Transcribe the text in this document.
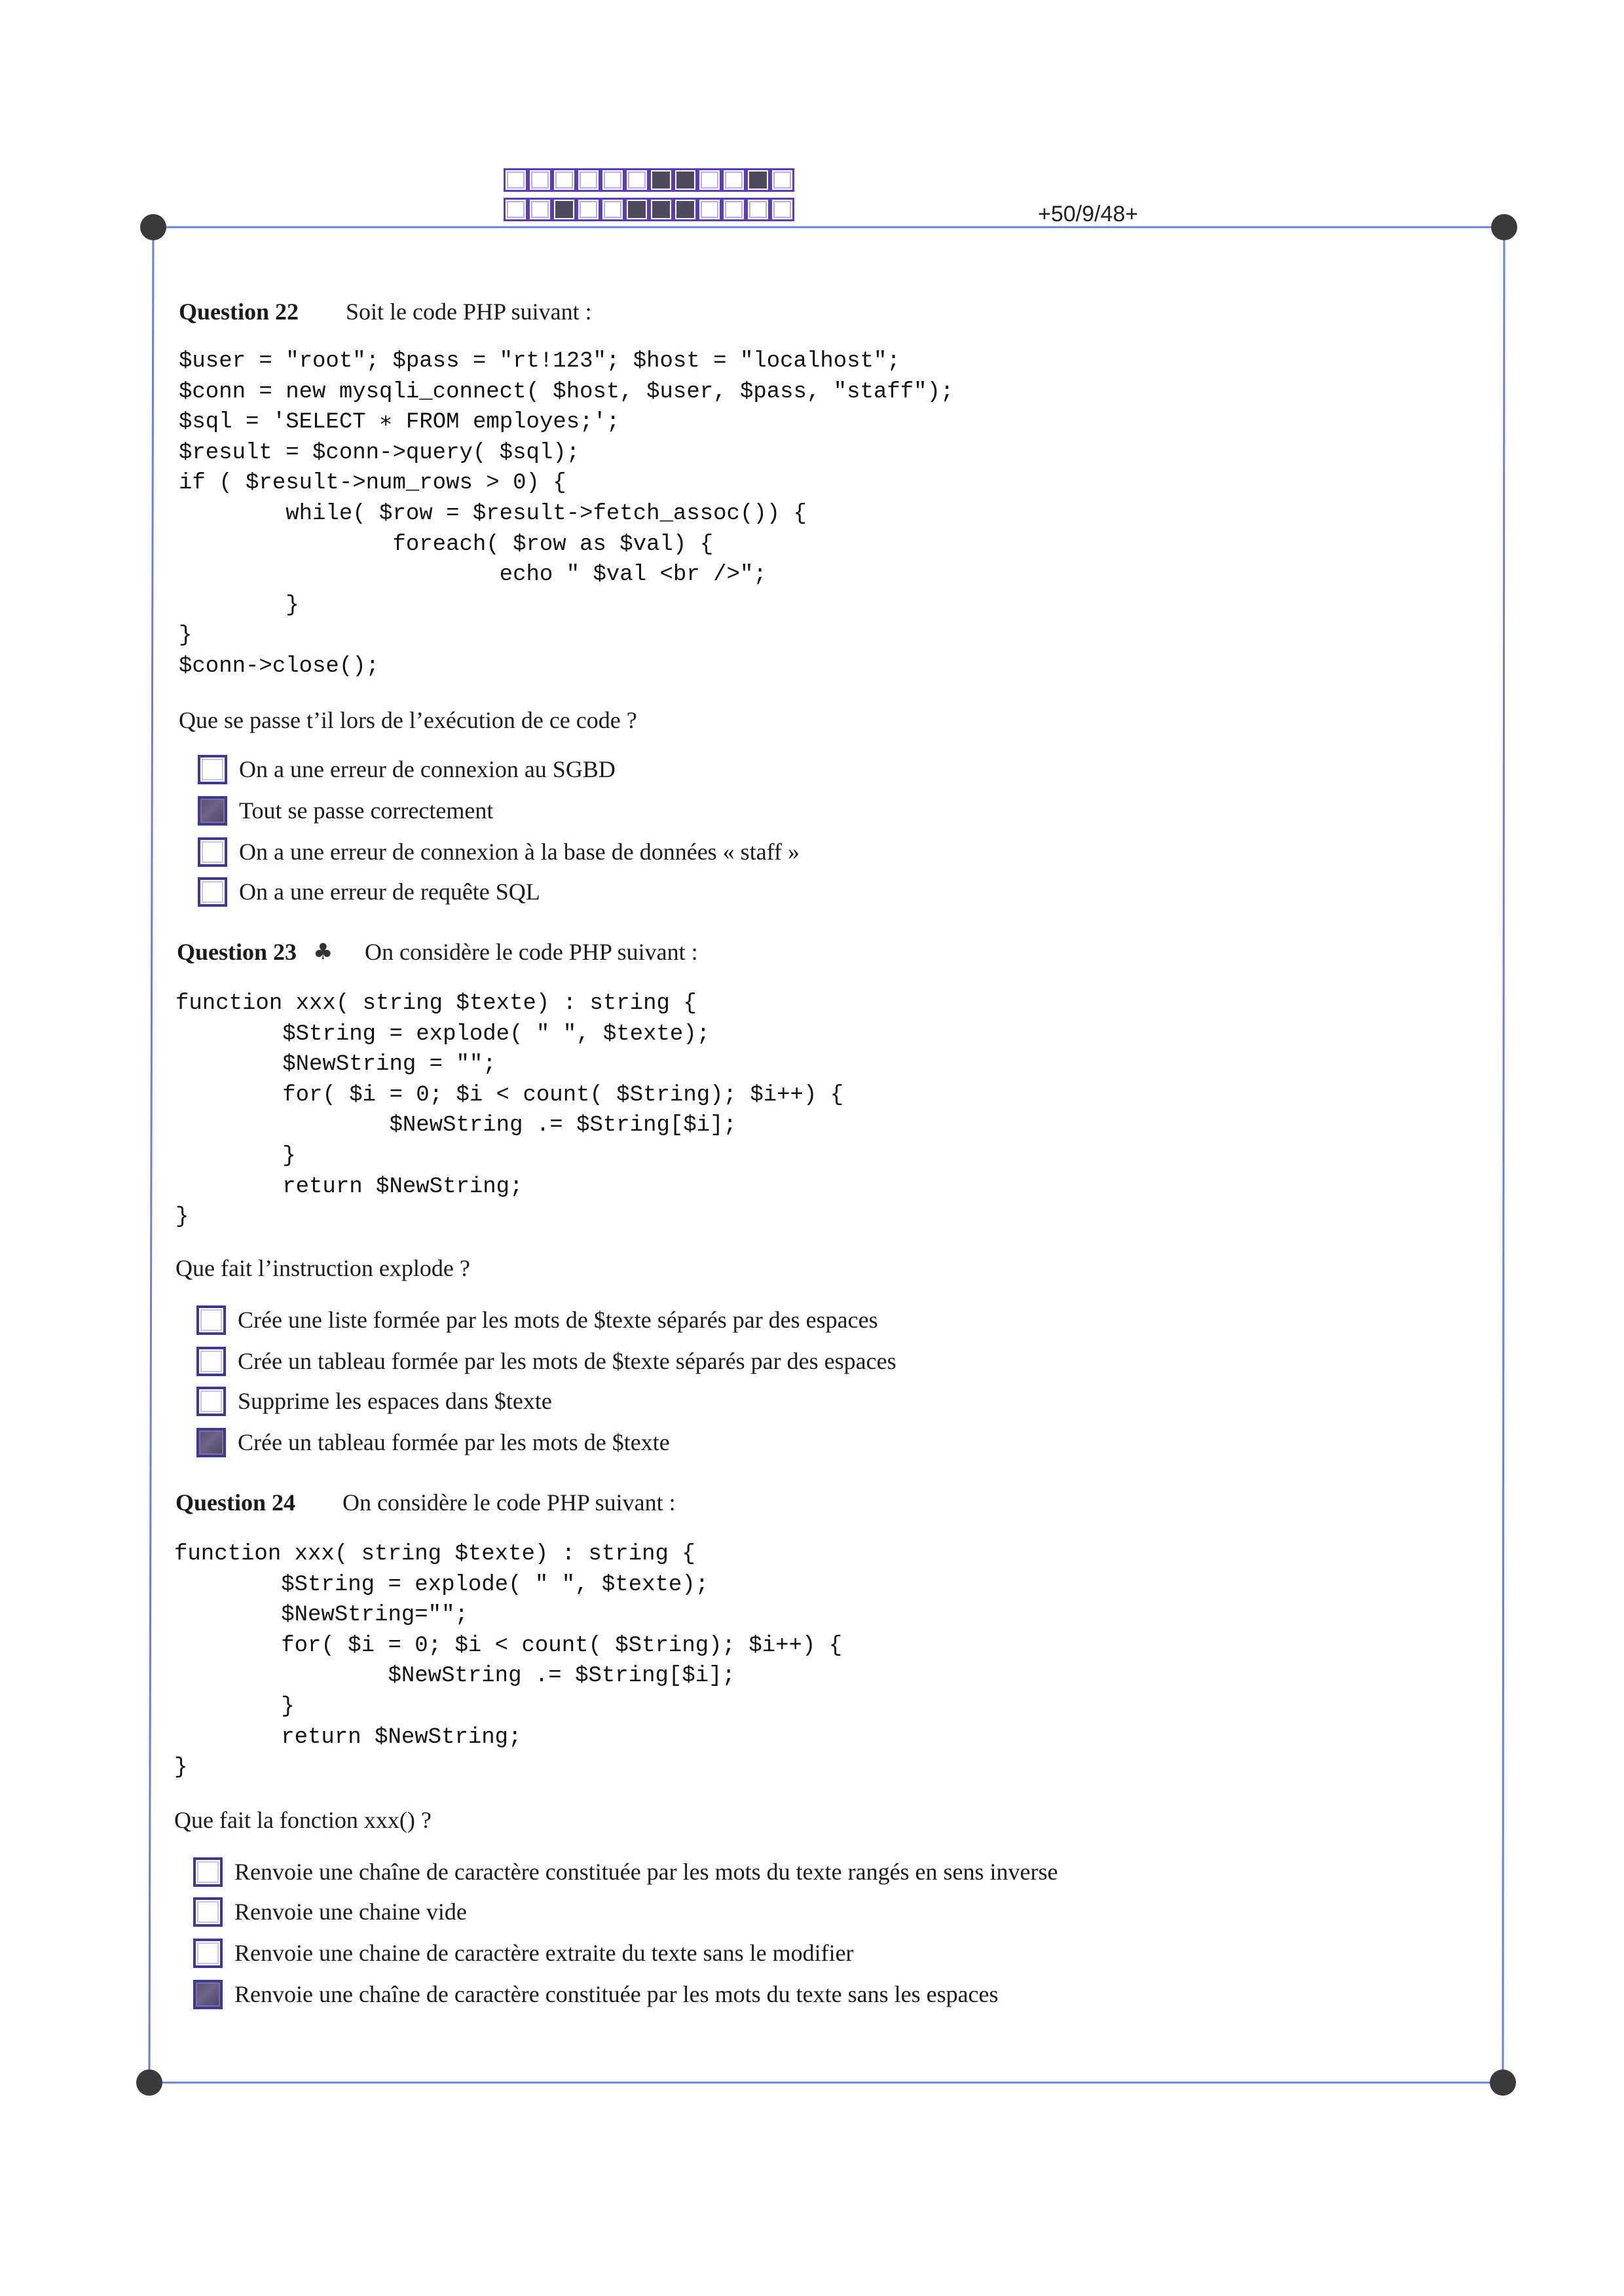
+50/9/48+
Question 22 Soit le code PHP suivant :
$user = "root"; $pass = "rt!123"; $host = "localhost";
$conn = new mysqli_connect( $host, $user, $pass, "staff");
$sql = 'SELECT ∗ FROM employes;';
$result = $conn->query( $sql);
if ( $result->num_rows > 0) {
while( $row = $result->fetch_assoc()) {
foreach( $row as $val) {
echo " $val <br />";
}
}
$conn->close();
Que se passe t’il lors de l’exécution de ce code ?
On a une erreur de connexion au SGBD
Tout se passe correctement
On a une erreur de connexion à la base de données « staff »
On a une erreur de requête SQL
Question 23 ♣ On considère le code PHP suivant :
function xxx( string $texte) : string {
$String = explode( " ", $texte);
$NewString = "";
for( $i = 0; $i < count( $String); $i++) {
$NewString .= $String[$i];
}
return $NewString;
}
Que fait l’instruction explode ?
Crée une liste formée par les mots de $texte séparés par des espaces
Crée un tableau formée par les mots de $texte séparés par des espaces
Supprime les espaces dans $texte
Crée un tableau formée par les mots de $texte
Question 24 On considère le code PHP suivant :
function xxx( string $texte) : string {
$String = explode( " ", $texte);
$NewString="";
for( $i = 0; $i < count( $String); $i++) {
$NewString .= $String[$i];
}
return $NewString;
}
Que fait la fonction xxx() ?
Renvoie une chaîne de caractère constituée par les mots du texte rangés en sens inverse
Renvoie une chaine vide
Renvoie une chaine de caractère extraite du texte sans le modifier
Renvoie une chaîne de caractère constituée par les mots du texte sans les espaces
